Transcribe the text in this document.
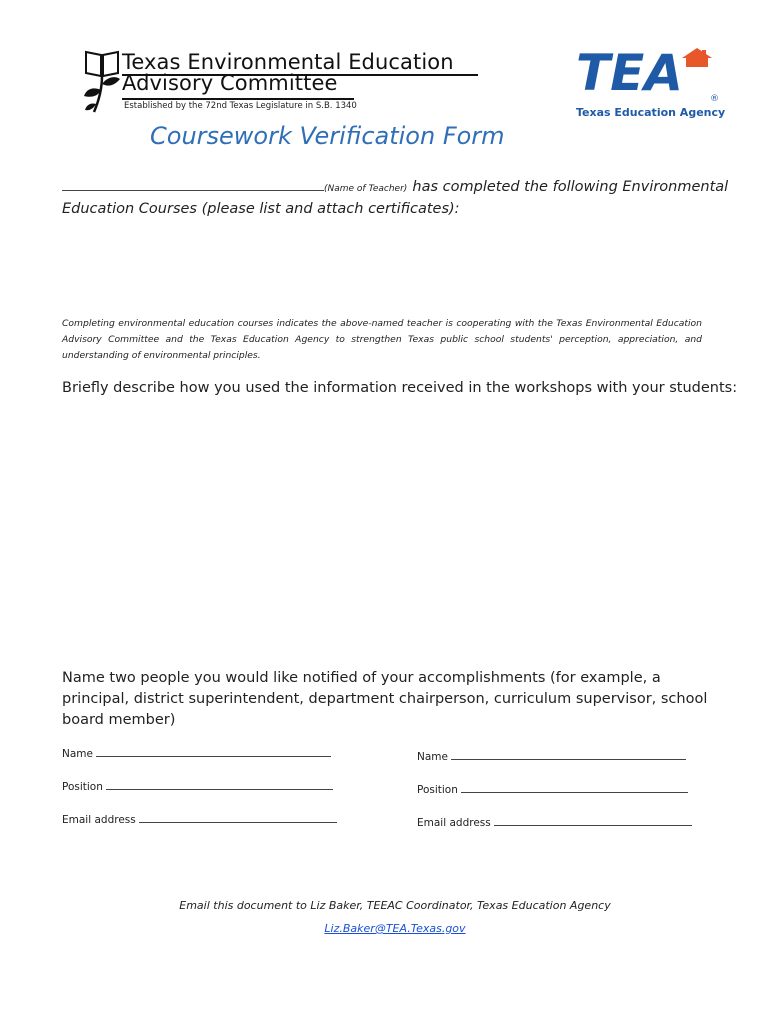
Texas Environmental Education
Advisory Committee
Established by the 72nd Texas Legislature in S.B. 1340
TEA	®
Texas Education Agency
Coursework Verification Form
(Name of Teacher) has completed the following Environmental
Education Courses (please list and attach certificates):
Completing environmental education courses indicates the above-named teacher is cooperating with the Texas Environmental Education Advisory Committee and the Texas Education Agency to strengthen Texas public school students' perception, appreciation, and understanding of environmental principles.
Briefly describe how you used the information received in the workshops with your students:
Name two people you would like notified of your accomplishments (for example, a principal, district superintendent, department chairperson, curriculum supervisor, school board member)
Name
Position
Email address
Name
Position
Email address
Email this document to Liz Baker, TEEAC Coordinator, Texas Education Agency
Liz.Baker@TEA.Texas.gov
